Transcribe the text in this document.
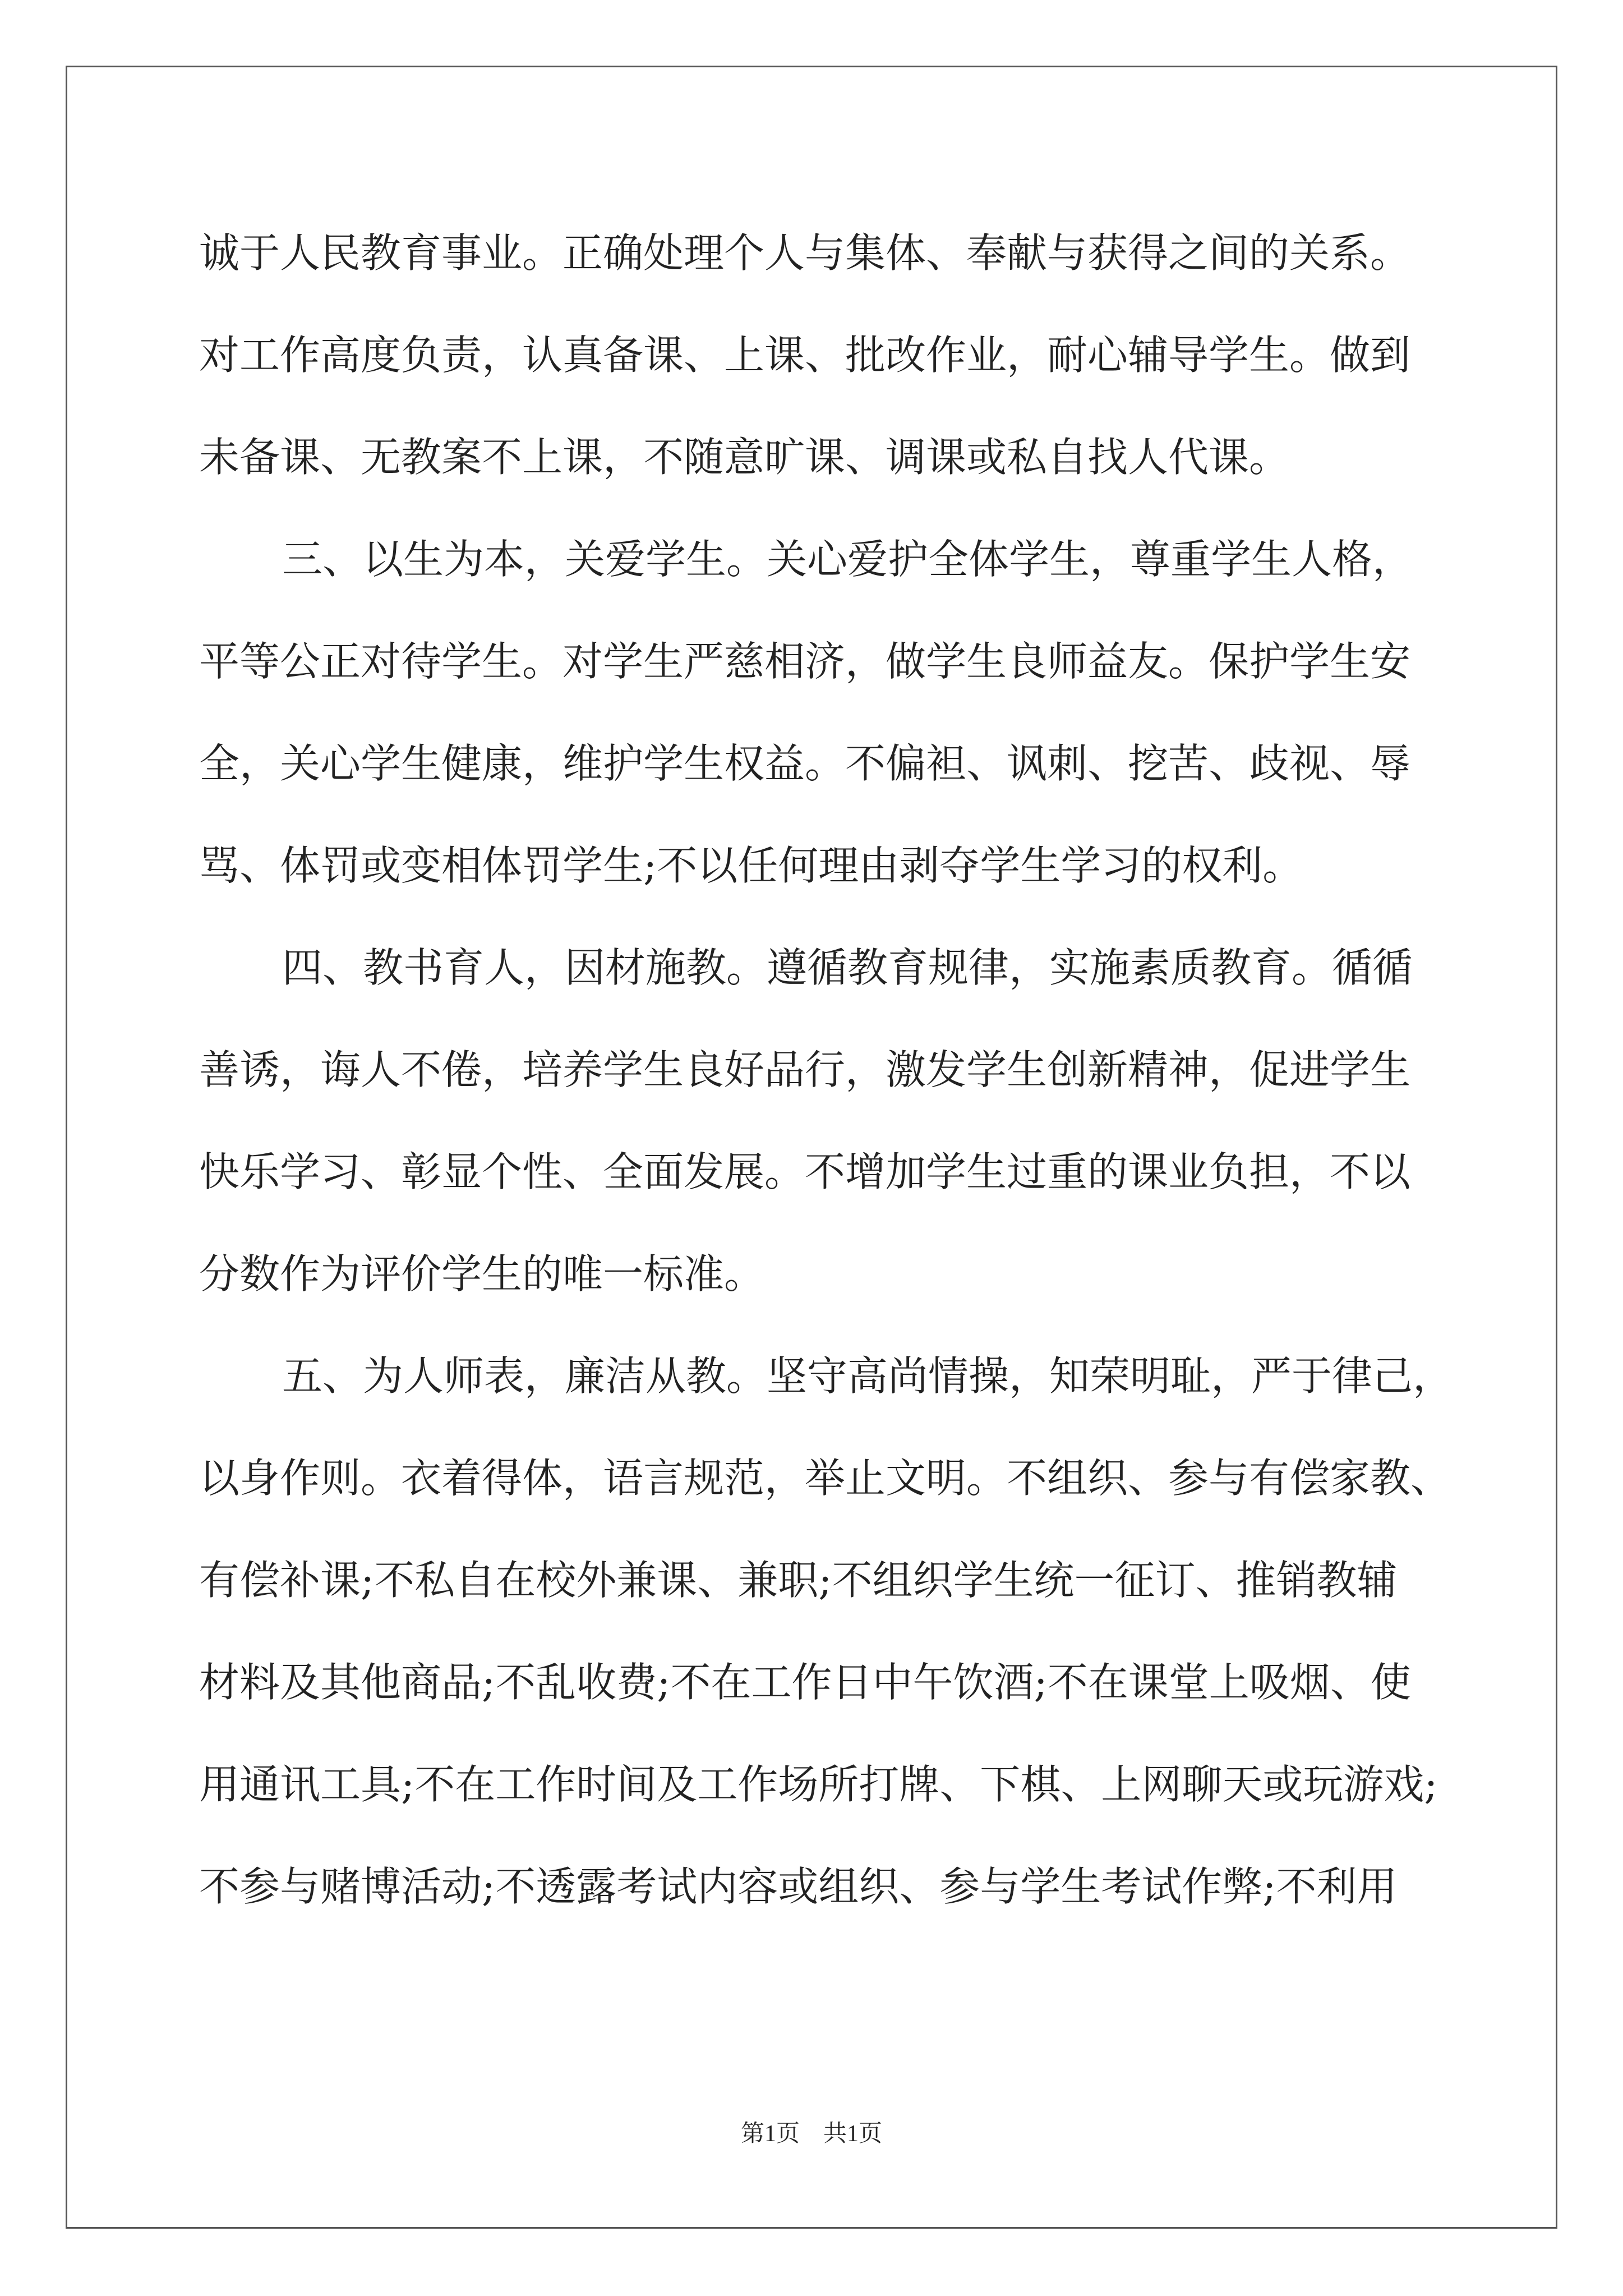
诚于人民教育事业。正确处理个人与集体、奉献与获得之间的关系。
对工作高度负责，认真备课、上课、批改作业，耐心辅导学生。做到
未备课、无教案不上课，不随意旷课、调课或私自找人代课。
三、以生为本，关爱学生。关心爱护全体学生，尊重学生人格，
平等公正对待学生。对学生严慈相济，做学生良师益友。保护学生安
全，关心学生健康，维护学生权益。不偏袒、讽刺、挖苦、歧视、辱
骂、体罚或变相体罚学生;不以任何理由剥夺学生学习的权利。
四、教书育人，因材施教。遵循教育规律，实施素质教育。循循
善诱，诲人不倦，培养学生良好品行，激发学生创新精神，促进学生
快乐学习、彰显个性、全面发展。不增加学生过重的课业负担，不以
分数作为评价学生的唯一标准。
五、为人师表，廉洁从教。坚守高尚情操，知荣明耻，严于律己，
以身作则。衣着得体，语言规范，举止文明。不组织、参与有偿家教、
有偿补课;不私自在校外兼课、兼职;不组织学生统一征订、推销教辅
材料及其他商品;不乱收费;不在工作日中午饮酒;不在课堂上吸烟、使
用通讯工具;不在工作时间及工作场所打牌、下棋、上网聊天或玩游戏;
不参与赌博活动;不透露考试内容或组织、参与学生考试作弊;不利用
第1页　共1页
